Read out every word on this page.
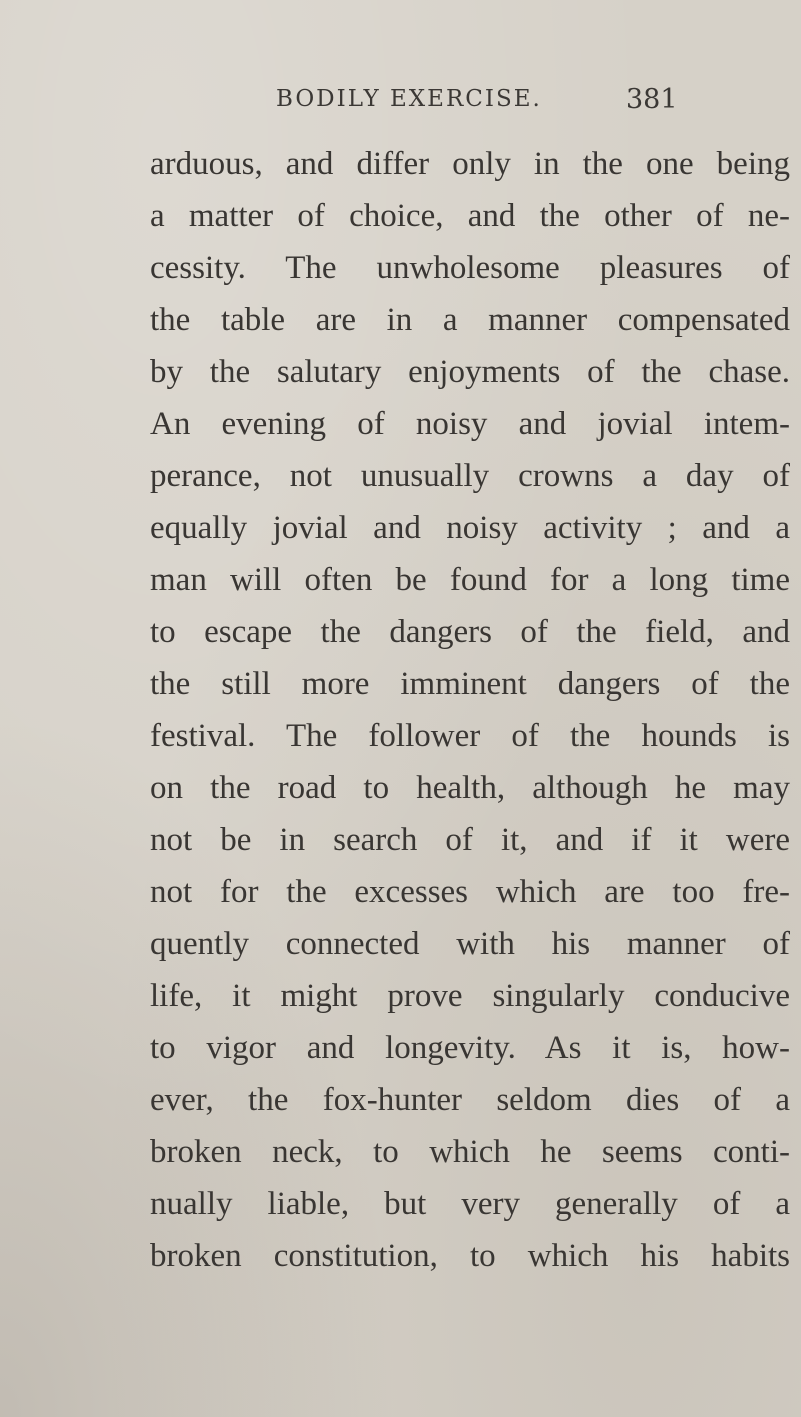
BODILY EXERCISE.	381
arduous, and differ only in the one being
a matter of choice, and the other of ne-
cessity. The unwholesome pleasures of
the table are in a manner compensated
by the salutary enjoyments of the chase.
An evening of noisy and jovial intem-
perance, not unusually crowns a day of
equally jovial and noisy activity ; and a
man will often be found for a long time
to escape the dangers of the field, and
the still more imminent dangers of the
festival. The follower of the hounds is
on the road to health, although he may
not be in search of it, and if it were
not for the excesses which are too fre-
quently connected with his manner of
life, it might prove singularly conducive
to vigor and longevity. As it is, how-
ever, the fox-hunter seldom dies of a
broken neck, to which he seems conti-
nually liable, but very generally of a
broken constitution, to which his habits
